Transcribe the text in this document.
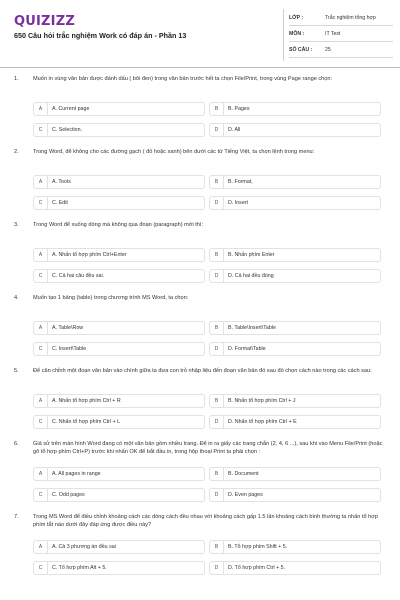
QUIZIZZ
650 Câu hỏi trắc nghiệm Work có đáp án - Phần 13
LỚP :	Trắc nghiệm tổng hợp
MÔN :	IT Test
SỐ CÂU : 25
1.	Muốn in vùng văn bản được đánh dấu ( bôi đen) trong văn bản trước hết ta chọn File/Print, trong vùng Page range chọn:
A	A. Current page	B	B. Pages
C	C. Selection.	D	D. All
2.	Trong Word, để không cho các đường gạch ( đỏ hoặc xanh) bên dưới các từ Tiếng Việt, ta chọn lệnh trong menu:
A	A. Tools	B	B. Format,
C	C. Edit	D	D. Insert
3.	Trong Word để xuống dòng mà không qua đoạn (paragraph) mới thì:
A	A. Nhấn tổ hợp phím Ctrl+Enter	B	B. Nhấn phím Enter
C	C. Cả hai câu đều sai.	D	D. Cả hai đều đúng
4.	Muốn tạo 1 bảng (table) trong chương trình MS Word, ta chọn:
A	A. Table\Row	B	B. Table\Insert\Table
C	C. Insert\Table	D	D. Format\Table
5.	Để căn chỉnh một đoạn văn bản vào chính giữa ta đưa con trỏ nhập liệu đến đoạn văn bản đó sau đó chọn cách nào trong các cách sau:
A	A. Nhấn tổ hợp phím Ctrl + R	B	B. Nhấn tổ hợp phím Ctrl + J
C	C. Nhấn tổ hợp phím Ctrl + L	D	D. Nhấn tổ hợp phím Ctrl + E
6.	Giả sử trên màn hình Word đang có một văn bản gồm nhiều trang. Để in ra giấy các trang chẵn (2, 4, 6 ...), sau khi vào Menu File/Print (hoặc gõ tổ hợp phím Ctrl+P) trước khi nhấn OK để bắt đầu in, trong hộp thoại Print ta phải chọn :
A	A. All pages in range	B	B. Document
C	C. Odd pages	D	D. Even pages
7.	Trong MS Word để điều chỉnh khoảng cách các dòng cách đều nhau với khoảng cách gấp 1.5 lần khoảng cách bình thường ta nhấn tổ hợp phím tắt nào dưới đây đáp ứng được điều này?
A	A. Cả 3 phương án đều sai	B	B. Tổ hợp phím Shift + 5.
C	C. Tổ hợp phím Alt + 5.	D	D. Tổ hợp phím Ctrl + 5.
